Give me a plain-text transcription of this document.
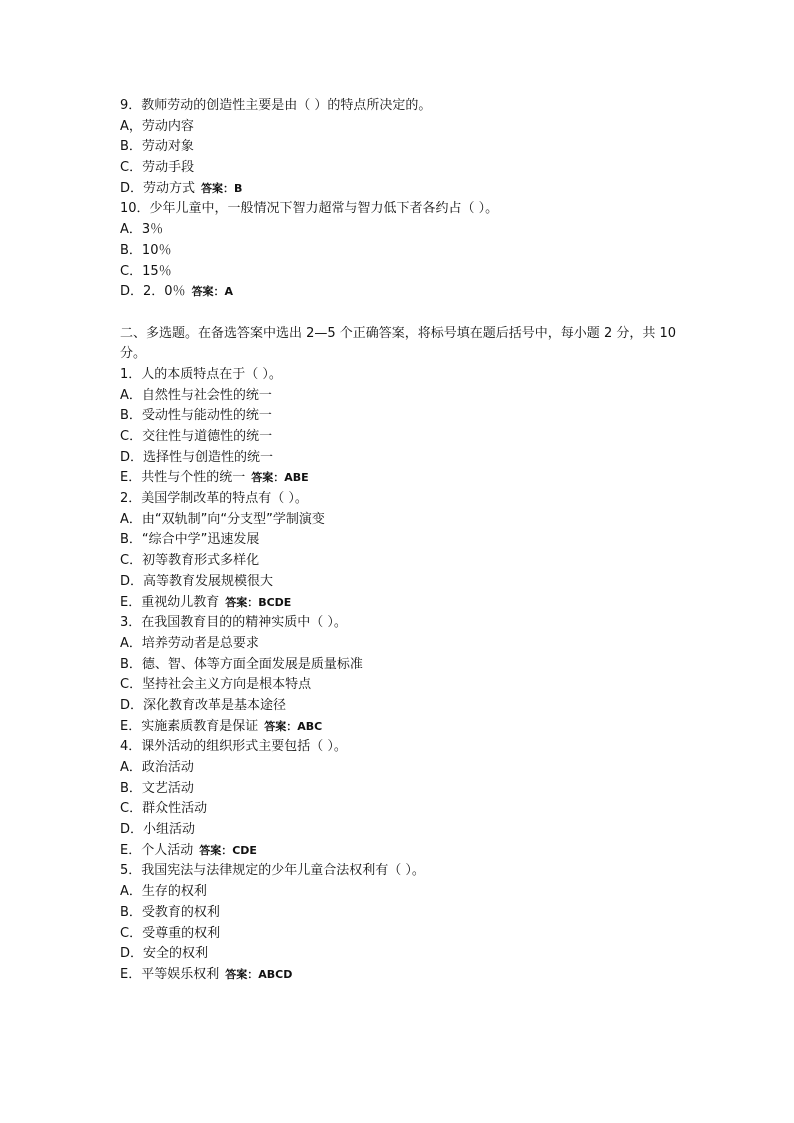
9．教师劳动的创造性主要是由（ ）的特点所决定的。
A，劳动内容
B．劳动对象
C．劳动手段
D．劳动方式 答案：B
10．少年儿童中，一般情况下智力超常与智力低下者各约占（ ）。
A．3％
B．10％
C．15％
D．2．0％ 答案：A
二、多选题。在备选答案中选出 2—5 个正确答案，将标号填在题后括号中，每小题 2 分，共 10 分。
1．人的本质特点在于（ ）。
A．自然性与社会性的统一
B．受动性与能动性的统一
C．交往性与道德性的统一
D．选择性与创造性的统一
E．共性与个性的统一 答案：ABE
2．美国学制改革的特点有（ ）。
A．由“双轨制”向“分支型”学制演变
B．“综合中学”迅速发展
C．初等教育形式多样化
D．高等教育发展规模很大
E．重视幼儿教育 答案：BCDE
3．在我国教育目的的精神实质中（ ）。
A．培养劳动者是总要求
B．德、智、体等方面全面发展是质量标准
C．坚持社会主义方向是根本特点
D．深化教育改革是基本途径
E．实施素质教育是保证 答案：ABC
4．课外活动的组织形式主要包括（ ）。
A．政治活动
B．文艺活动
C．群众性活动
D．小组活动
E．个人活动 答案：CDE
5．我国宪法与法律规定的少年儿童合法权利有（ ）。
A．生存的权利
B．受教育的权利
C．受尊重的权利
D．安全的权利
E．平等娱乐权利 答案：ABCD
